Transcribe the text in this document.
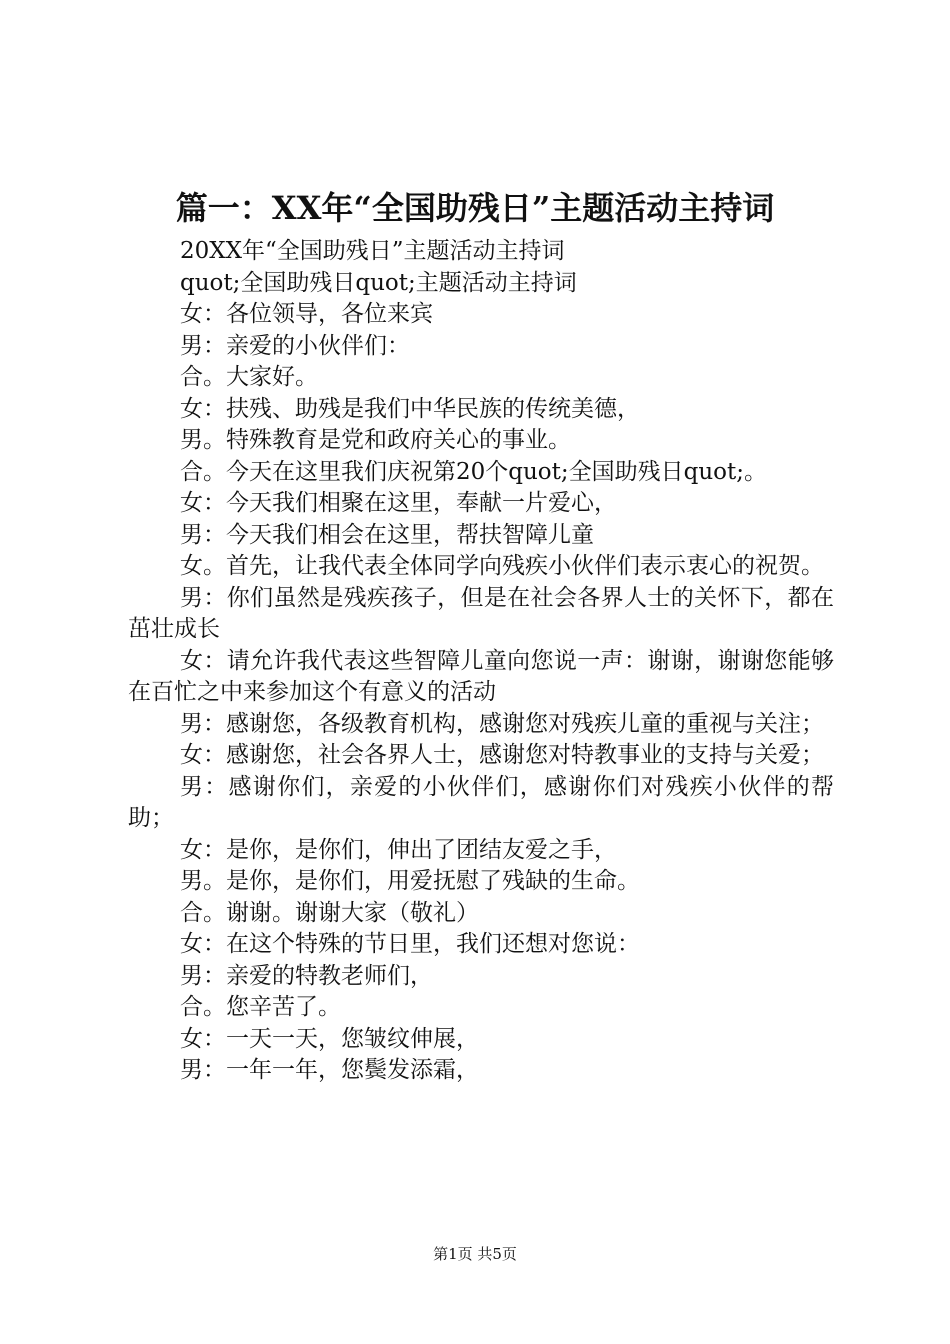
篇一：XX年“全国助残日”主题活动主持词

20XX年“全国助残日”主题活动主持词

quot;全国助残日quot;主题活动主持词

女：各位领导，各位来宾

男：亲爱的小伙伴们：

合。大家好。

女：扶残、助残是我们中华民族的传统美德，

男。特殊教育是党和政府关心的事业。

合。今天在这里我们庆祝第20个quot;全国助残日quot;。

女：今天我们相聚在这里，奉献一片爱心，

男：今天我们相会在这里，帮扶智障儿童

女。首先，让我代表全体同学向残疾小伙伴们表示衷心的祝贺。

男：你们虽然是残疾孩子，但是在社会各界人士的关怀下，都在茁壮成长

女：请允许我代表这些智障儿童向您说一声：谢谢，谢谢您能够在百忙之中来参加这个有意义的活动

男：感谢您，各级教育机构，感谢您对残疾儿童的重视与关注；

女：感谢您，社会各界人士，感谢您对特教事业的支持与关爱；

男：感谢你们，亲爱的小伙伴们，感谢你们对残疾小伙伴的帮助；

女：是你，是你们，伸出了团结友爱之手，

男。是你，是你们，用爱抚慰了残缺的生命。

合。谢谢。谢谢大家（敬礼）

女：在这个特殊的节日里，我们还想对您说：

男：亲爱的特教老师们，

合。您辛苦了。

女：一天一天，您皱纹伸展，

男：一年一年，您鬓发添霜，

第1页 共5页
